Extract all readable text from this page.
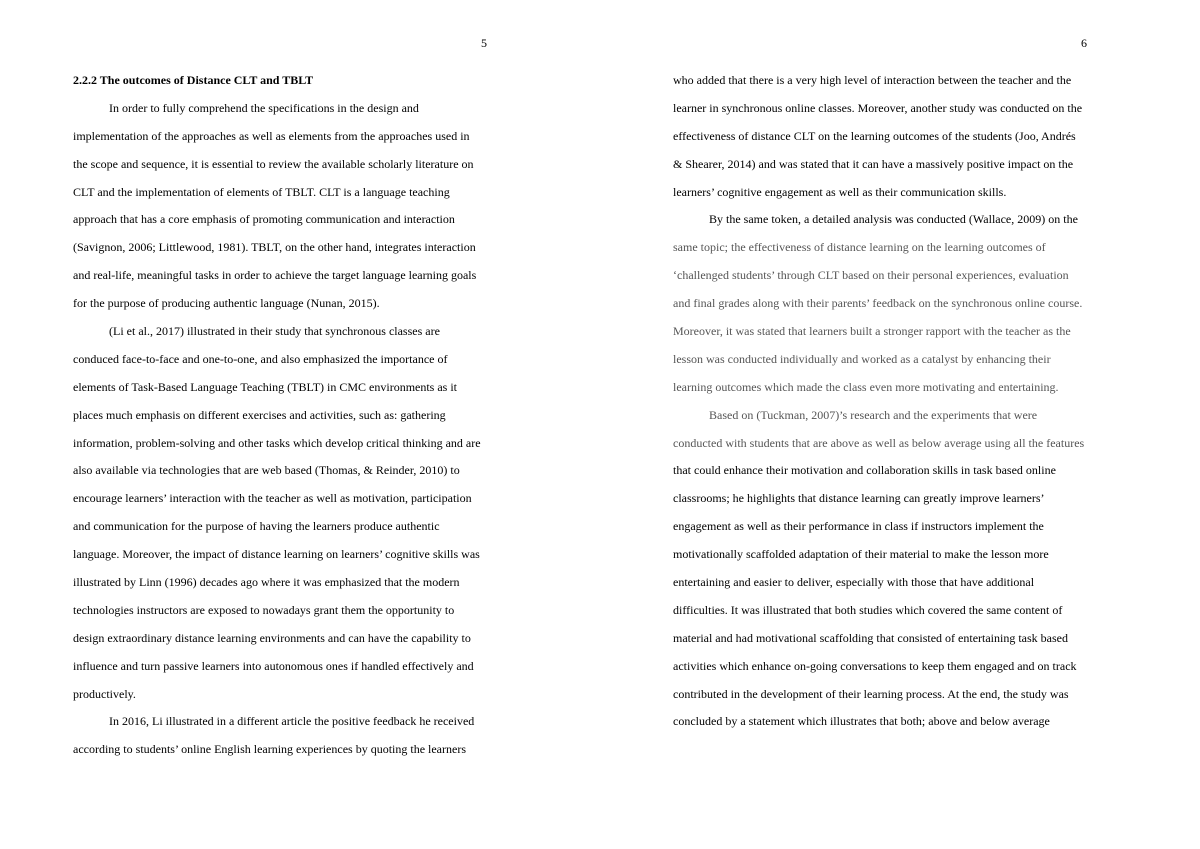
5
2.2.2 The outcomes of Distance CLT and TBLT
In order to fully comprehend the specifications in the design and
implementation of the approaches as well as elements from the approaches used in
the scope and sequence, it is essential to review the available scholarly literature on
CLT and the implementation of elements of TBLT. CLT is a language teaching
approach that has a core emphasis of promoting communication and interaction
(Savignon, 2006; Littlewood, 1981). TBLT, on the other hand, integrates interaction
and real-life, meaningful tasks in order to achieve the target language learning goals
for the purpose of producing authentic language (Nunan, 2015).
(Li et al., 2017) illustrated in their study that synchronous classes are
conduced face-to-face and one-to-one, and also emphasized the importance of
elements of Task-Based Language Teaching (TBLT) in CMC environments as it
places much emphasis on different exercises and activities, such as: gathering
information, problem-solving and other tasks which develop critical thinking and are
also available via technologies that are web based (Thomas, & Reinder, 2010) to
encourage learners’ interaction with the teacher as well as motivation, participation
and communication for the purpose of having the learners produce authentic
language. Moreover, the impact of distance learning on learners’ cognitive skills was
illustrated by Linn (1996) decades ago where it was emphasized that the modern
technologies instructors are exposed to nowadays grant them the opportunity to
design extraordinary distance learning environments and can have the capability to
influence and turn passive learners into autonomous ones if handled effectively and
productively.
In 2016, Li illustrated in a different article the positive feedback he received
according to students’ online English learning experiences by quoting the learners
6
who added that there is a very high level of interaction between the teacher and the
learner in synchronous online classes. Moreover, another study was conducted on the
effectiveness of distance CLT on the learning outcomes of the students (Joo, Andrés
& Shearer, 2014) and was stated that it can have a massively positive impact on the
learners’ cognitive engagement as well as their communication skills.
By the same token, a detailed analysis was conducted (Wallace, 2009) on the
same topic; the effectiveness of distance learning on the learning outcomes of
‘challenged students’ through CLT based on their personal experiences, evaluation
and final grades along with their parents’ feedback on the synchronous online course.
Moreover, it was stated that learners built a stronger rapport with the teacher as the
lesson was conducted individually and worked as a catalyst by enhancing their
learning outcomes which made the class even more motivating and entertaining.
Based on (Tuckman, 2007)’s research and the experiments that were
conducted with students that are above as well as below average using all the features
that could enhance their motivation and collaboration skills in task based online
classrooms; he highlights that distance learning can greatly improve learners’
engagement as well as their performance in class if instructors implement the
motivationally scaffolded adaptation of their material to make the lesson more
entertaining and easier to deliver, especially with those that have additional
difficulties. It was illustrated that both studies which covered the same content of
material and had motivational scaffolding that consisted of entertaining task based
activities which enhance on-going conversations to keep them engaged and on track
contributed in the development of their learning process. At the end, the study was
concluded by a statement which illustrates that both; above and below average
